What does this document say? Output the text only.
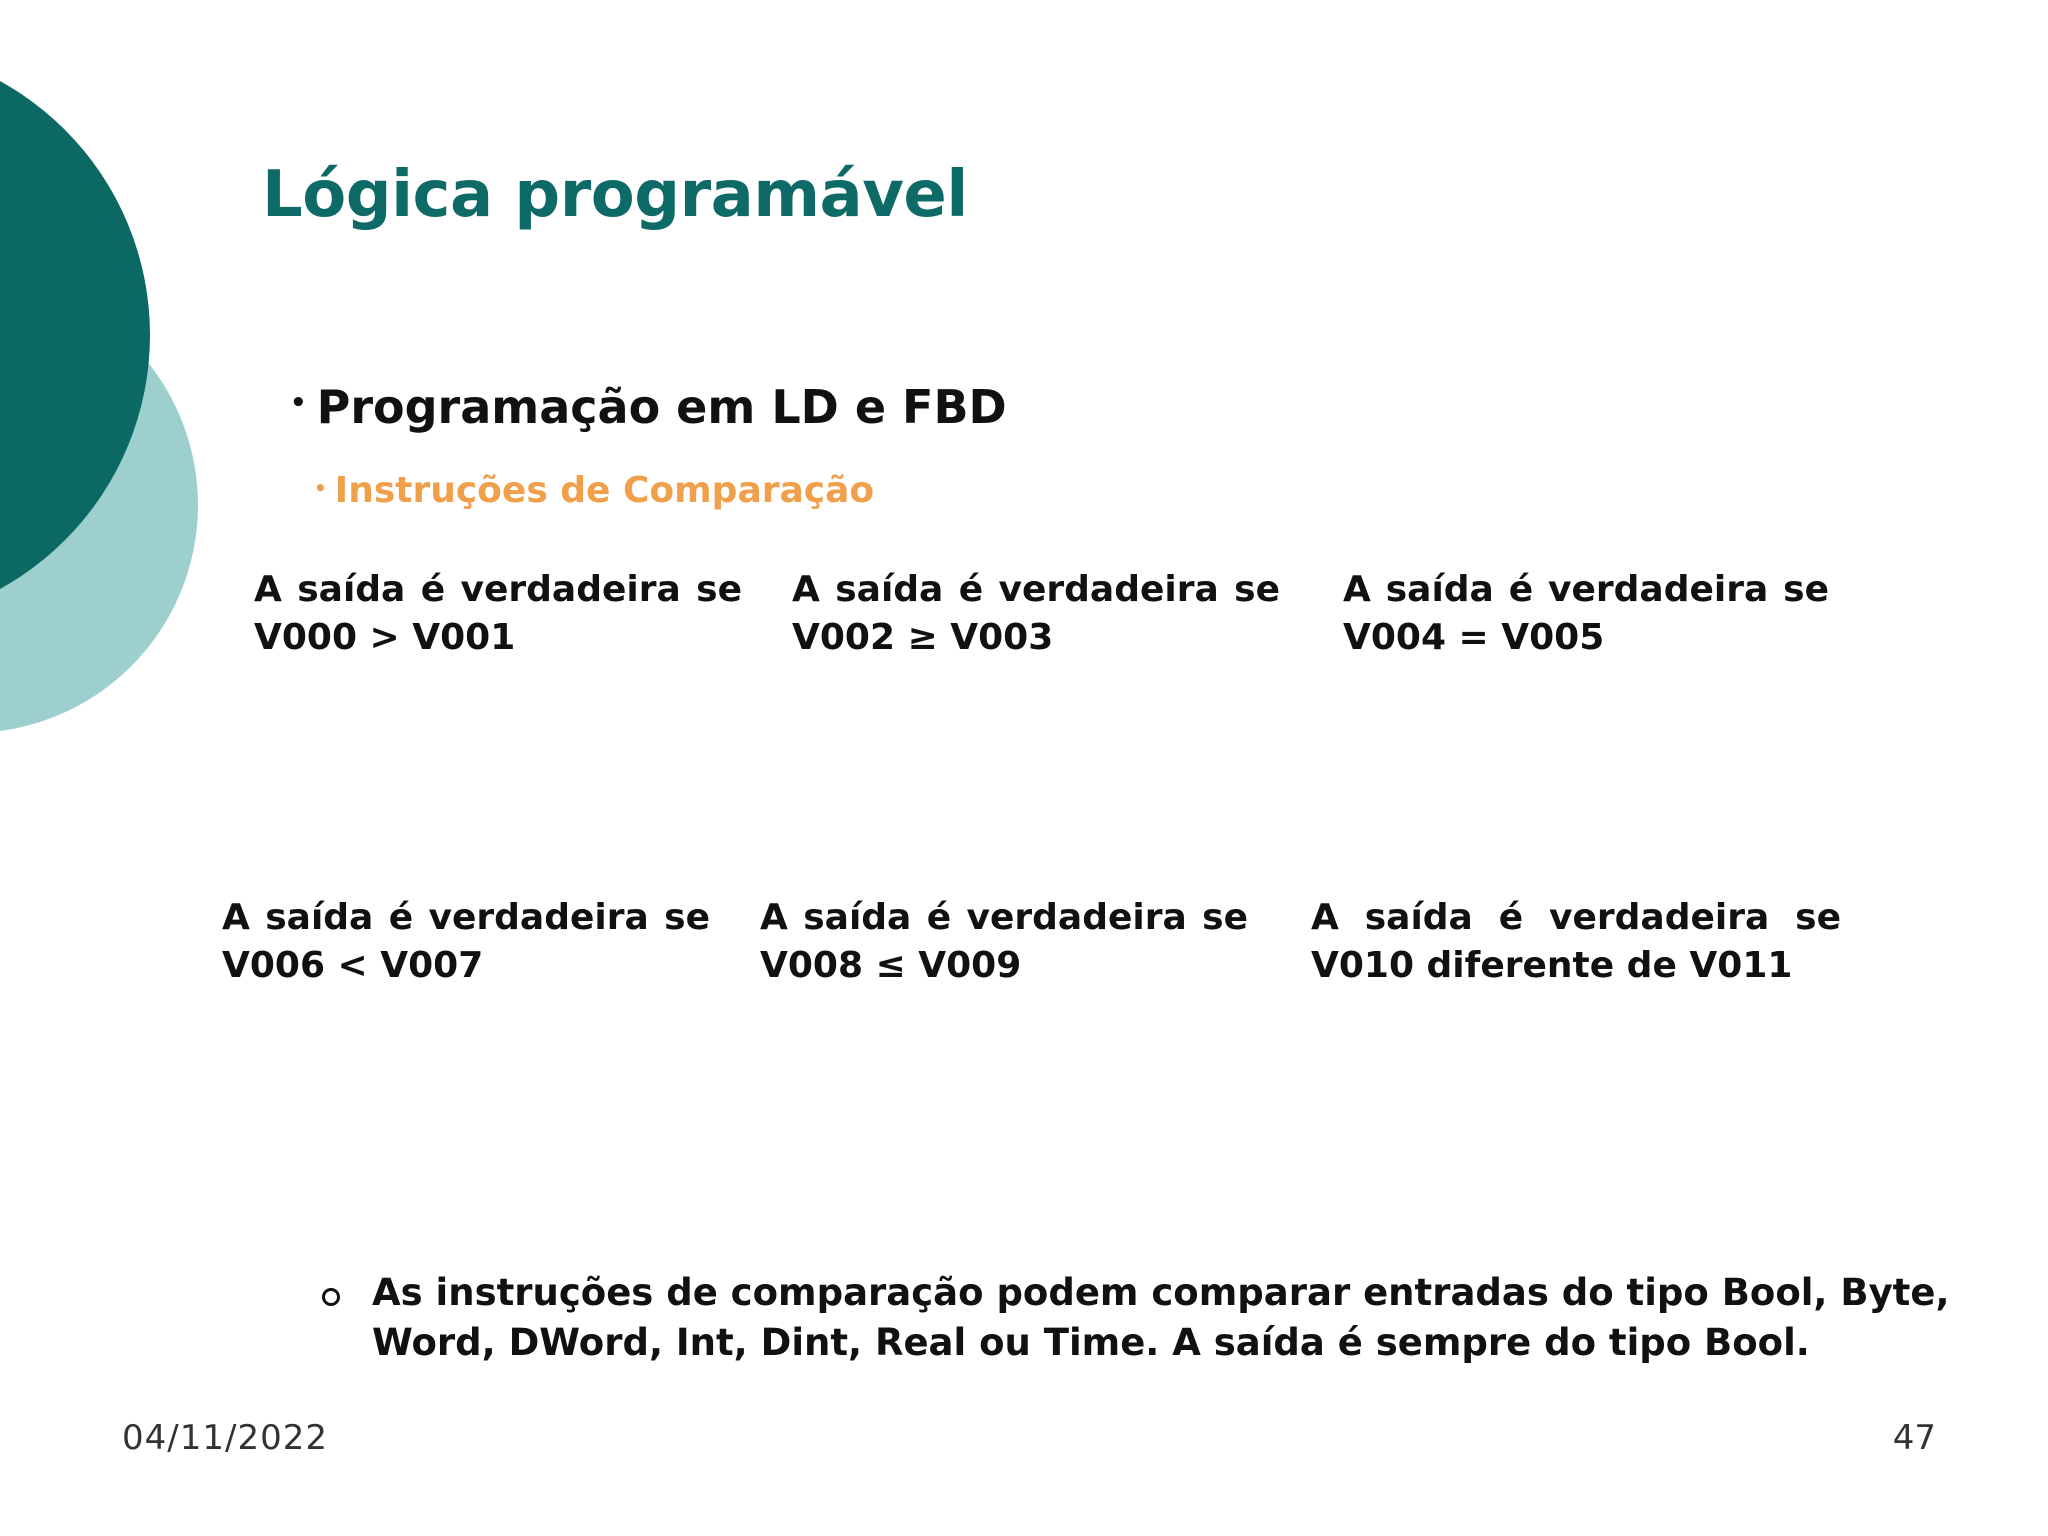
Lógica programável
• Programação em LD e FBD
• Instruções de Comparação
A saída é verdadeira se
V000 > V001
A saída é verdadeira se
V002 ≥ V003
A saída é verdadeira se
V004 = V005
A saída é verdadeira se
V006 < V007
A saída é verdadeira se
V008 ≤ V009
A saída é verdadeira se
V010 diferente de V011
As instruções de comparação podem comparar entradas do tipo Bool, Byte, Word, DWord, Int, Dint, Real ou Time. A saída é sempre do tipo Bool.
04/11/2022	47
